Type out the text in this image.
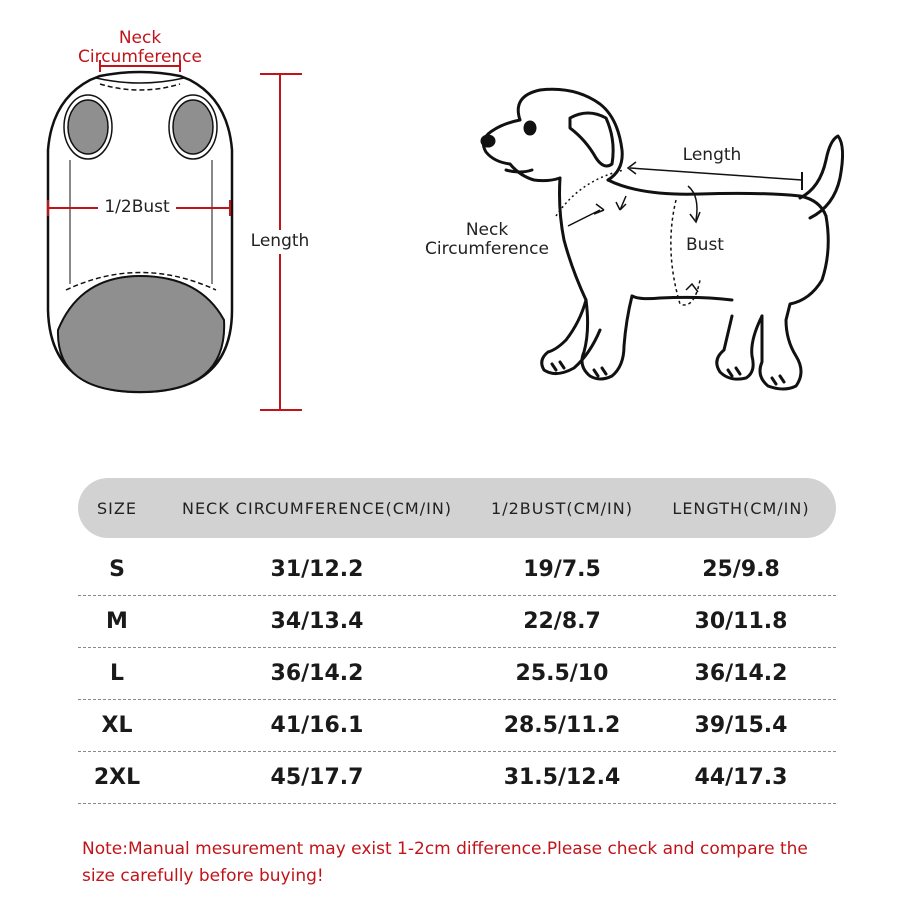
Neck
Circumference
1/2Bust
Length
Length
Neck
Circumference	Bust
SIZE	NECK CIRCUMFERENCE(CM/IN)	1/2BUST(CM/IN)	LENGTH(CM/IN)
S	31/12.2	19/7.5	25/9.8
M	34/13.4	22/8.7	30/11.8
L	36/14.2	25.5/10	36/14.2
XL	41/16.1	28.5/11.2	39/15.4
2XL	45/17.7	31.5/12.4	44/17.3
Note:Manual mesurement may exist 1-2cm difference.Please check and compare the
size carefully before buying!
